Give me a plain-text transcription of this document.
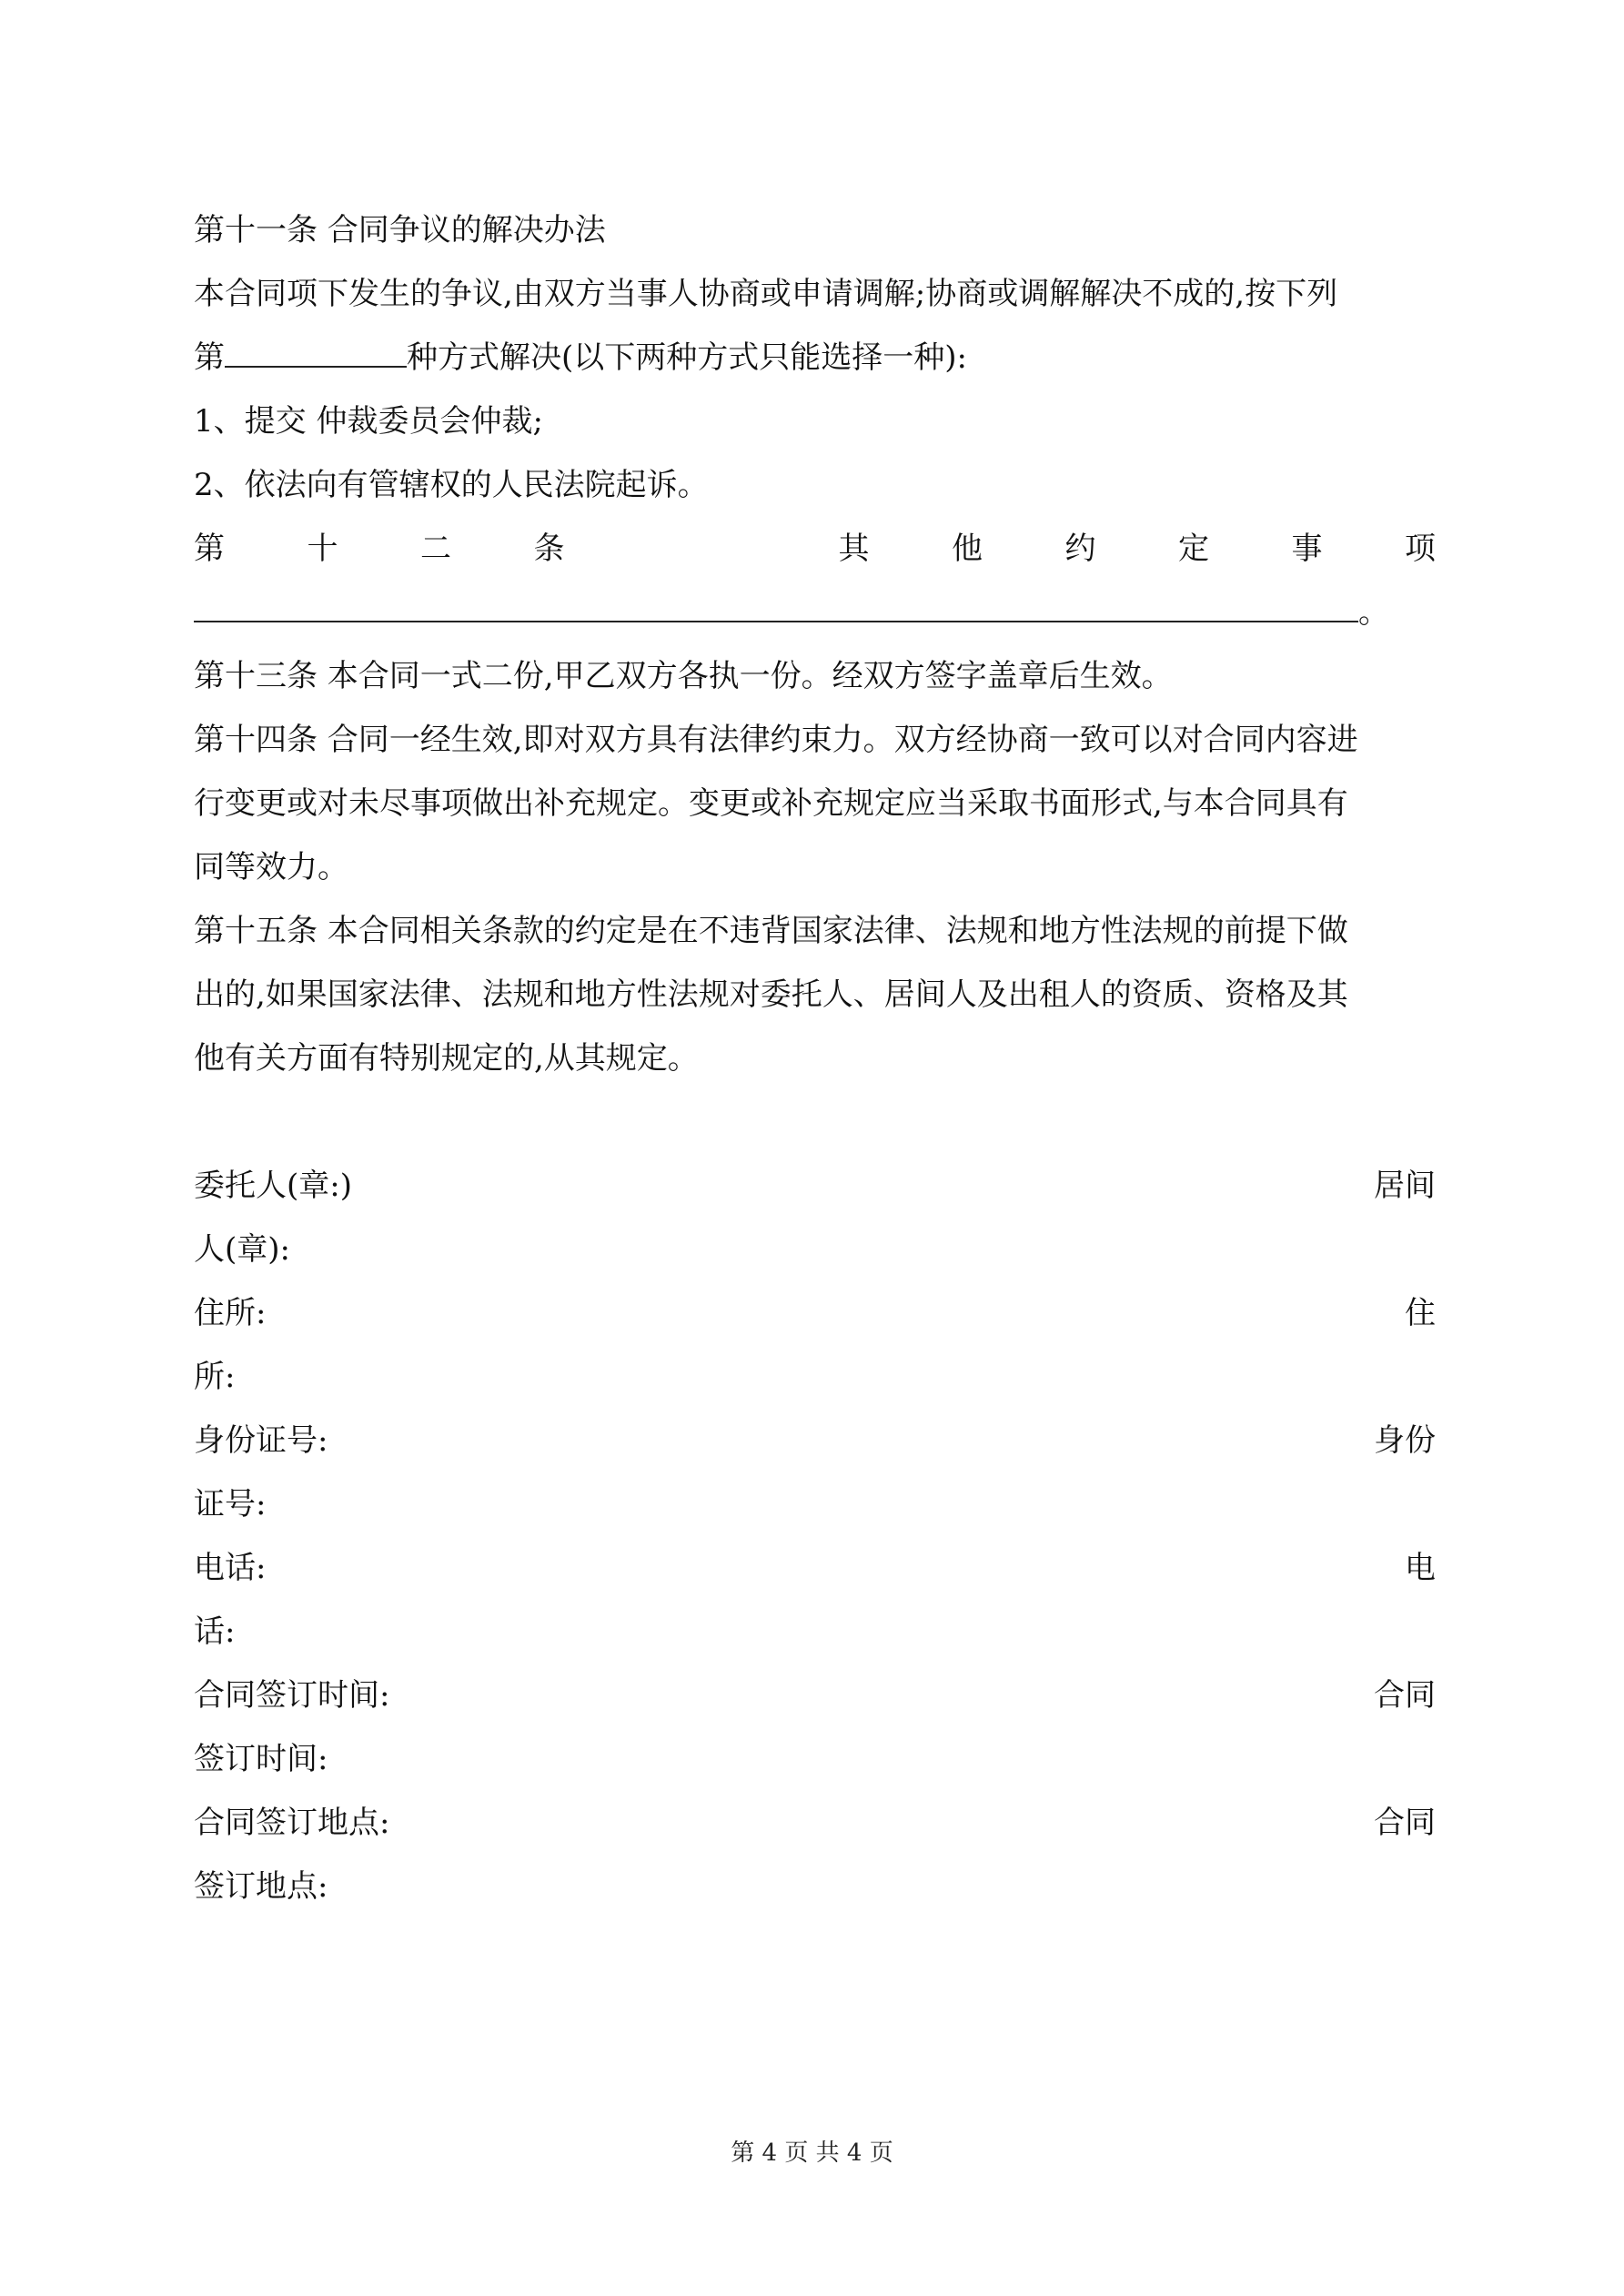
第十一条 合同争议的解决办法
本合同项下发生的争议,由双方当事人协商或申请调解;协商或调解解决不成的,按下列
第	种方式解决(以下两种方式只能选择一种):
1、提交 仲裁委员会仲裁;
2、依法向有管辖权的人民法院起诉。
第	十	二	条	其	他	约	定	事	项
。
第十三条 本合同一式二份,甲乙双方各执一份。经双方签字盖章后生效。
第十四条 合同一经生效,即对双方具有法律约束力。双方经协商一致可以对合同内容进
行变更或对未尽事项做出补充规定。变更或补充规定应当采取书面形式,与本合同具有
同等效力。
第十五条 本合同相关条款的约定是在不违背国家法律、法规和地方性法规的前提下做
出的,如果国家法律、法规和地方性法规对委托人、居间人及出租人的资质、资格及其
他有关方面有特别规定的,从其规定。
委托人(章:)	居间
人(章):
住所:	住
所:
身份证号:	身份
证号:
电话:	电
话:
合同签订时间:	合同
签订时间:
合同签订地点:	合同
签订地点:
第 4 页 共 4 页
